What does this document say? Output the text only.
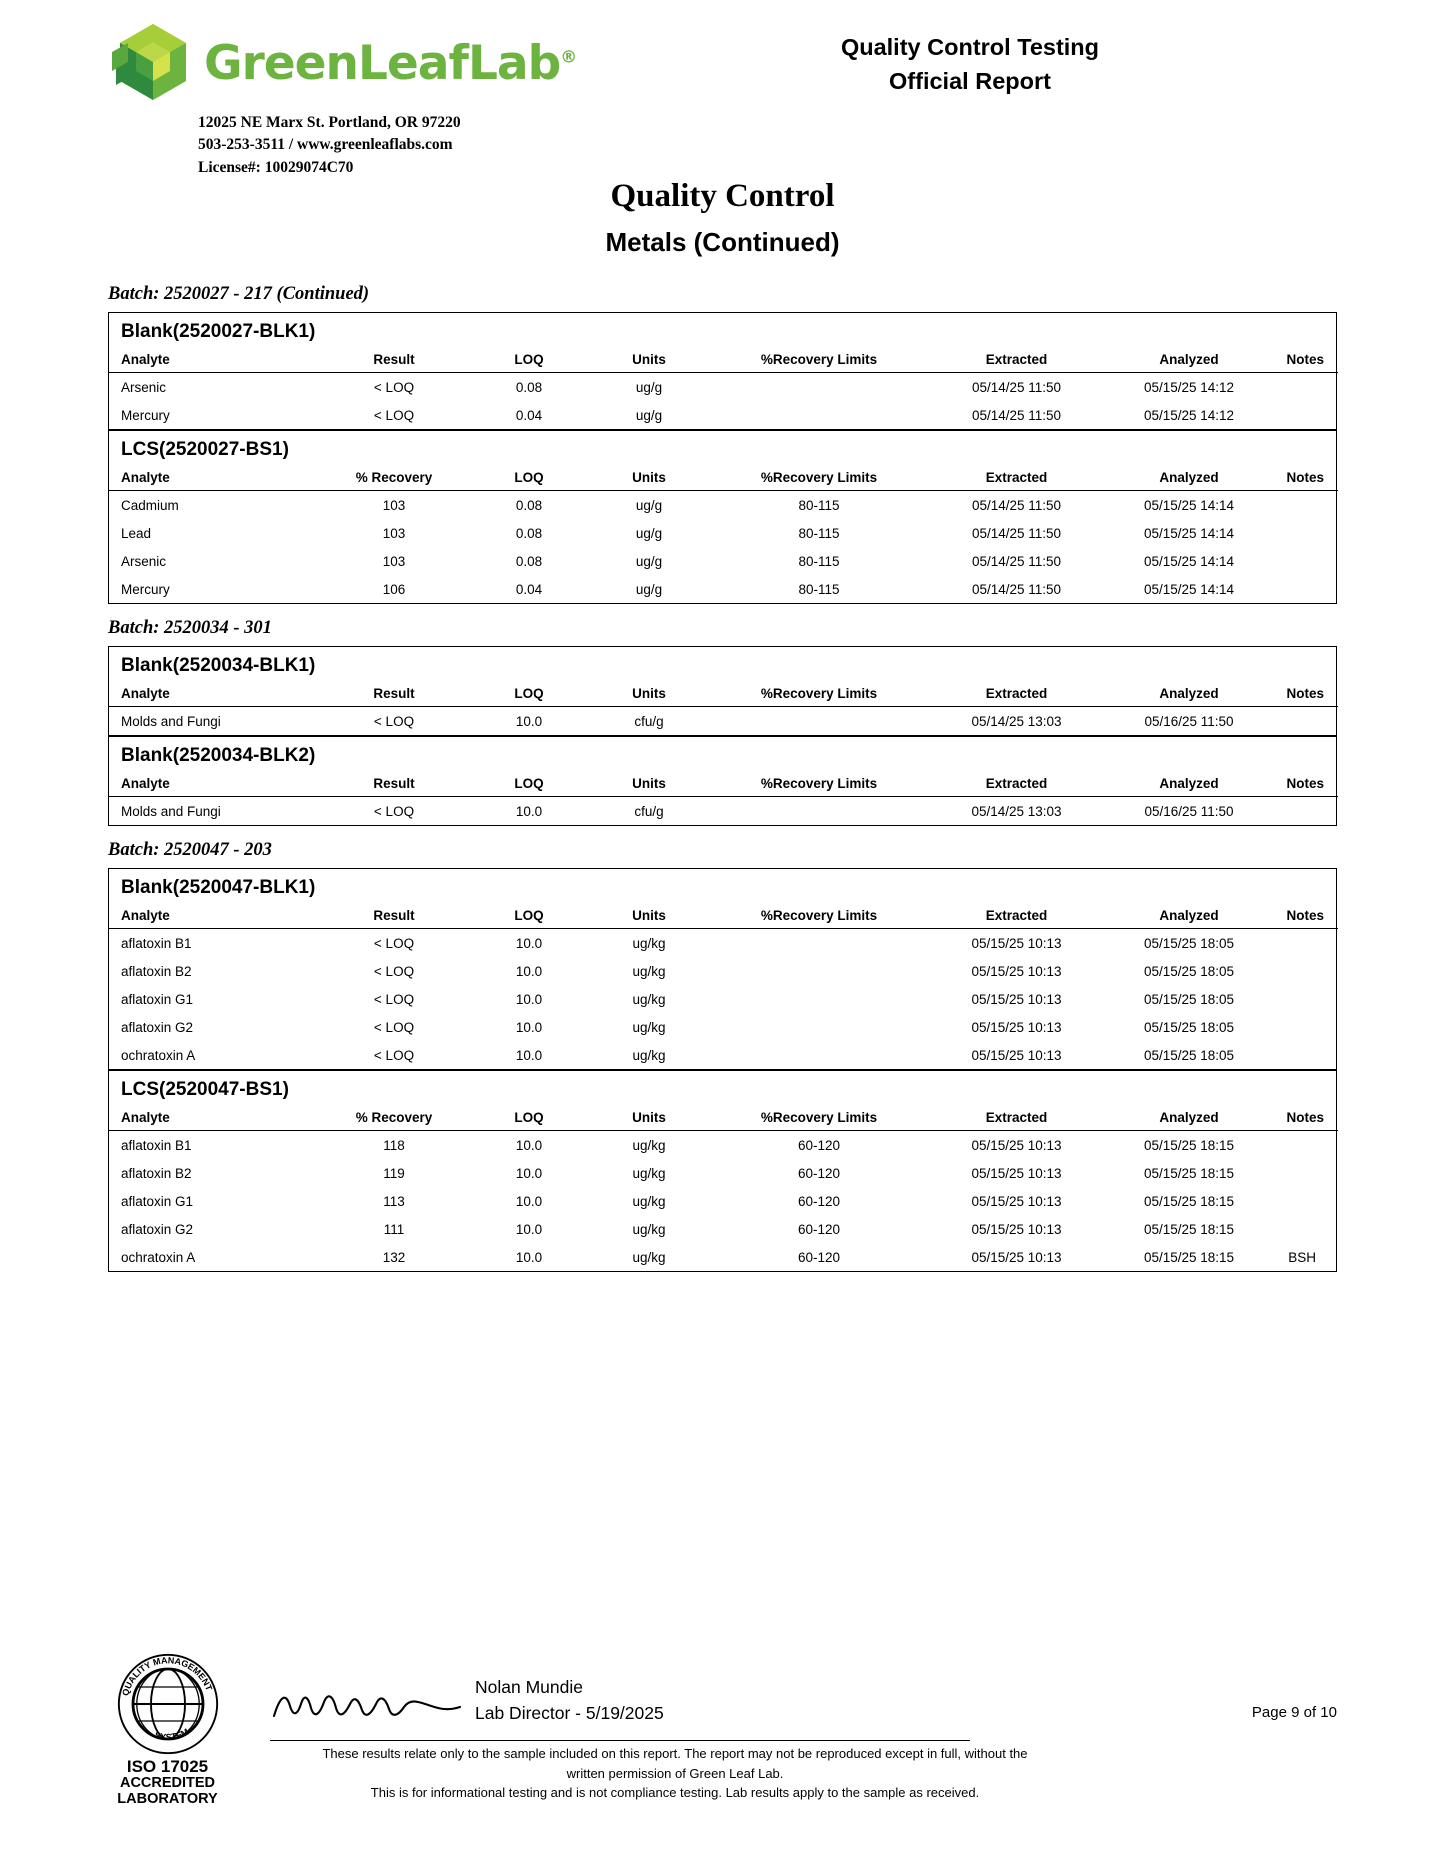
GreenLeafLab®
12025 NE Marx St. Portland, OR 97220
503-253-3511 / www.greenleaflabs.com
License#: 10029074C70
Quality Control Testing
Official Report
Quality Control
Metals (Continued)
Batch: 2520027 - 217 (Continued)
Blank(2520027-BLK1)
Analyte	Result	LOQ	Units	%Recovery Limits	Extracted	Analyzed	Notes
Arsenic	< LOQ	0.08	ug/g		05/14/25 11:50	05/15/25 14:12	
Mercury	< LOQ	0.04	ug/g		05/14/25 11:50	05/15/25 14:12	
LCS(2520027-BS1)
Analyte	% Recovery	LOQ	Units	%Recovery Limits	Extracted	Analyzed	Notes
Cadmium	103	0.08	ug/g	80-115	05/14/25 11:50	05/15/25 14:14	
Lead	103	0.08	ug/g	80-115	05/14/25 11:50	05/15/25 14:14	
Arsenic	103	0.08	ug/g	80-115	05/14/25 11:50	05/15/25 14:14	
Mercury	106	0.04	ug/g	80-115	05/14/25 11:50	05/15/25 14:14	
Batch: 2520034 - 301
Blank(2520034-BLK1)
Analyte	Result	LOQ	Units	%Recovery Limits	Extracted	Analyzed	Notes
Molds and Fungi	< LOQ	10.0	cfu/g		05/14/25 13:03	05/16/25 11:50	
Blank(2520034-BLK2)
Analyte	Result	LOQ	Units	%Recovery Limits	Extracted	Analyzed	Notes
Molds and Fungi	< LOQ	10.0	cfu/g		05/14/25 13:03	05/16/25 11:50	
Batch: 2520047 - 203
Blank(2520047-BLK1)
Analyte	Result	LOQ	Units	%Recovery Limits	Extracted	Analyzed	Notes
aflatoxin B1	< LOQ	10.0	ug/kg		05/15/25 10:13	05/15/25 18:05	
aflatoxin B2	< LOQ	10.0	ug/kg		05/15/25 10:13	05/15/25 18:05	
aflatoxin G1	< LOQ	10.0	ug/kg		05/15/25 10:13	05/15/25 18:05	
aflatoxin G2	< LOQ	10.0	ug/kg		05/15/25 10:13	05/15/25 18:05	
ochratoxin A	< LOQ	10.0	ug/kg		05/15/25 10:13	05/15/25 18:05	
LCS(2520047-BS1)
Analyte	% Recovery	LOQ	Units	%Recovery Limits	Extracted	Analyzed	Notes
aflatoxin B1	118	10.0	ug/kg	60-120	05/15/25 10:13	05/15/25 18:15	
aflatoxin B2	119	10.0	ug/kg	60-120	05/15/25 10:13	05/15/25 18:15	
aflatoxin G1	113	10.0	ug/kg	60-120	05/15/25 10:13	05/15/25 18:15	
aflatoxin G2	111	10.0	ug/kg	60-120	05/15/25 10:13	05/15/25 18:15	
ochratoxin A	132	10.0	ug/kg	60-120	05/15/25 10:13	05/15/25 18:15	BSH
QUALITY MANAGEMENT
SYSTEM
ISO 17025
ACCREDITED
LABORATORY
Nolan Mundie
Lab Director - 5/19/2025
These results relate only to the sample included on this report. The report may not be reproduced except in full, without the
written permission of Green Leaf Lab.
This is for informational testing and is not compliance testing. Lab results apply to the sample as received.
Page 9 of 10
